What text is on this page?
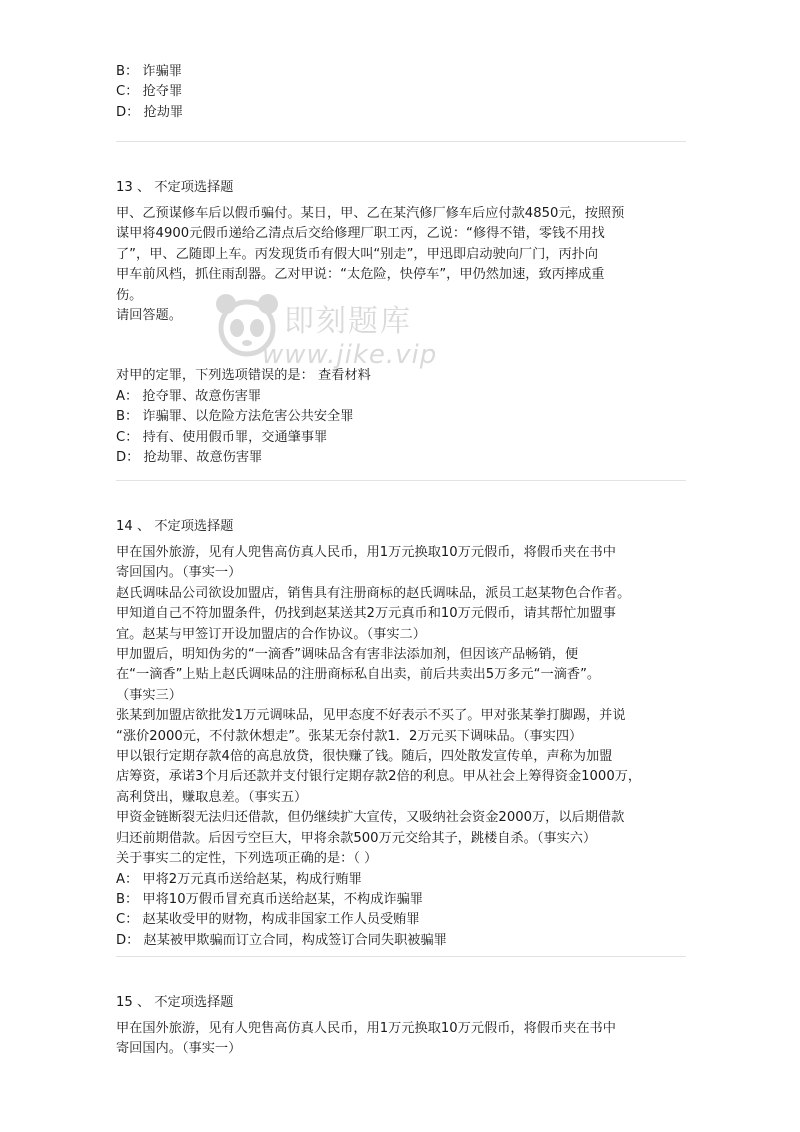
B： 诈骗罪
C： 抢夺罪
D： 抢劫罪
13 、 不定项选择题
甲、乙预谋修车后以假币骗付。某日，甲、乙在某汽修厂修车后应付款4850元，按照预
谋甲将4900元假币递给乙清点后交给修理厂职工丙，乙说：“修得不错，零钱不用找
了”，甲、乙随即上车。丙发现货币有假大叫“别走”，甲迅即启动驶向厂门，丙扑向
甲车前风档，抓住雨刮器。乙对甲说：“太危险，快停车”，甲仍然加速，致丙摔成重
伤。
请回答题。
对甲的定罪，下列选项错误的是： 查看材料
A： 抢夺罪、故意伤害罪
B： 诈骗罪、以危险方法危害公共安全罪
C： 持有、使用假币罪，交通肇事罪
D： 抢劫罪、故意伤害罪
14 、 不定项选择题
甲在国外旅游，见有人兜售高仿真人民币，用1万元换取10万元假币，将假币夹在书中
寄回国内。（事实一）
赵氏调味品公司欲设加盟店，销售具有注册商标的赵氏调味品，派员工赵某物色合作者。
甲知道自己不符加盟条件，仍找到赵某送其2万元真币和10万元假币，请其帮忙加盟事
宜。赵某与甲签订开设加盟店的合作协议。（事实二）
甲加盟后，明知伪劣的“一滴香”调味品含有害非法添加剂，但因该产品畅销，便
在“一滴香”上贴上赵氏调味品的注册商标私自出卖，前后共卖出5万多元“一滴香”。
（事实三）
张某到加盟店欲批发1万元调味品，见甲态度不好表示不买了。甲对张某拳打脚踢，并说
“涨价2000元，不付款休想走”。张某无奈付款1．2万元买下调味品。（事实四）
甲以银行定期存款4倍的高息放贷，很快赚了钱。随后，四处散发宣传单，声称为加盟
店筹资，承诺3个月后还款并支付银行定期存款2倍的利息。甲从社会上筹得资金1000万，
高利贷出，赚取息差。（事实五）
甲资金链断裂无法归还借款，但仍继续扩大宣传，又吸纳社会资金2000万，以后期借款
归还前期借款。后因亏空巨大，甲将余款500万元交给其子，跳楼自杀。（事实六）
关于事实二的定性，下列选项正确的是：（ ）
A： 甲将2万元真币送给赵某，构成行贿罪
B： 甲将10万假币冒充真币送给赵某，不构成诈骗罪
C： 赵某收受甲的财物，构成非国家工作人员受贿罪
D： 赵某被甲欺骗而订立合同，构成签订合同失职被骗罪
15 、 不定项选择题
甲在国外旅游，见有人兜售高仿真人民币，用1万元换取10万元假币，将假币夹在书中
寄回国内。（事实一）
即刻题库
www.jike.vip
